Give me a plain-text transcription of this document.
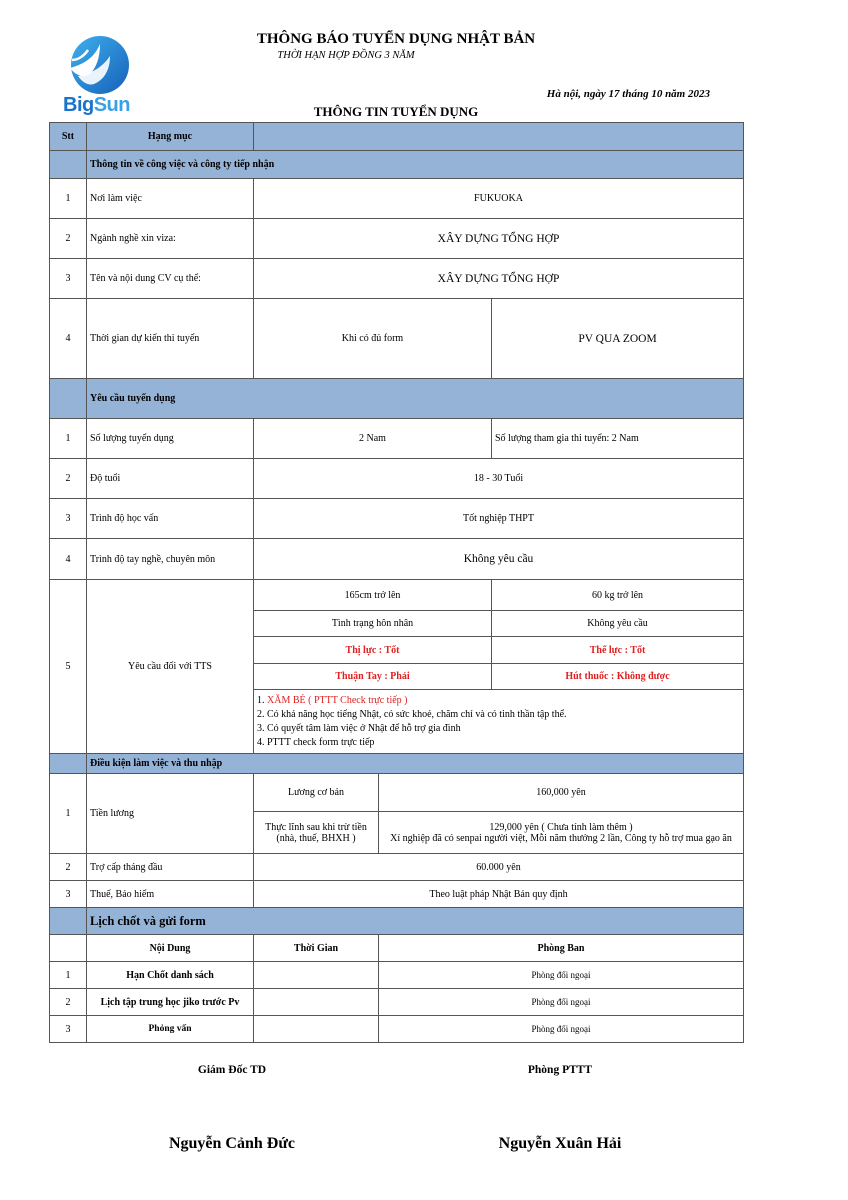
BigSun
THÔNG BÁO TUYỂN DỤNG NHẬT BẢN
THỜI HẠN HỢP ĐỒNG 3 NĂM
Hà nội, ngày 17 tháng 10 năm 2023
THÔNG TIN TUYỂN DỤNG
Stt	Hạng mục			
	Thông tin về công việc và công ty tiếp nhận			
1	Nơi làm việc	FUKUOKA		
2	Ngành nghề xin viza:	XÂY DỰNG TỔNG HỢP		
3	Tên và nội dung CV cụ thể:	XÂY DỰNG TỔNG HỢP		
4	Thời gian dự kiến thi tuyển	Khi có đủ form		PV QUA ZOOM
	Yêu cầu tuyển dụng			
1	Số lượng tuyển dụng	2 Nam		Số lượng tham gia thi tuyển: 2 Nam
2	Độ tuổi	18 - 30 Tuổi		
3	Trình độ học vấn	Tốt nghiệp THPT		
4	Trình độ tay nghề, chuyên môn	Không yêu cầu		
5	Yêu cầu đối với TTS	165cm trở lên		60 kg trở lên
		Tình trạng hôn nhân		Không yêu cầu
		Thị lực : Tốt		Thể lực : Tốt
		Thuận Tay : Phải		Hút thuốc : Không được

		1. XĂM BÉ ( PTTT Check trực tiếp )
2. Có khả năng học tiếng Nhật, có sức khoẻ, chăm chỉ và có tinh thần tập thể.
3. Có quyết tâm làm việc ở Nhật để hỗ trợ gia đình
4. PTTT check form trực tiếp		

	Điều kiện làm việc và thu nhập			
1	Tiền lương	Lương cơ bản	160,000 yên	
		Thực lĩnh sau khi trừ tiền (nhà, thuế, BHXH )	129,000 yên ( Chưa tính làm thêm )
Xí nghiệp đã có senpai người việt, Mỗi năm thưởng 2 lần, Công ty hỗ trợ mua gạo ăn	

2	Trợ cấp tháng đầu	60.000 yên		
3	Thuế, Bảo hiểm	Theo luật pháp Nhật Bản quy định		
	Lịch chốt và gửi form			
	Nội Dung	Thời Gian	Phòng Ban	
1	Hạn Chốt danh sách		Phòng đối ngoại	
2	Lịch tập trung học jiko trước Pv		Phòng đối ngoại	
3	Phỏng vấn		Phòng đối ngoại	
Giám Đốc TD	Phòng PTTT
Nguyễn Cảnh Đức	Nguyễn Xuân Hải
